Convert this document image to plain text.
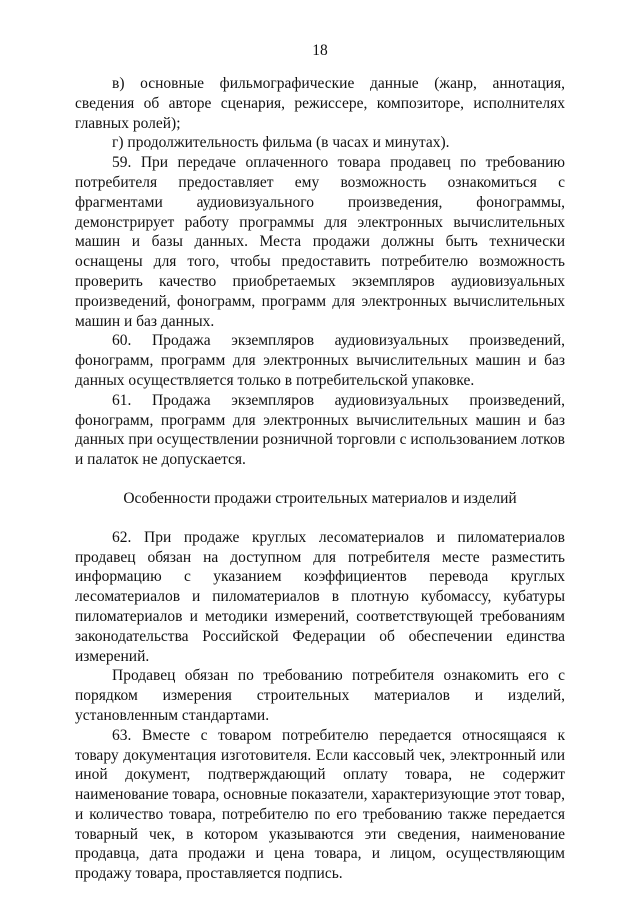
18

в) основные фильмографические данные (жанр, аннотация, сведения об авторе сценария, режиссере, композиторе, исполнителях главных ролей);

г) продолжительность фильма (в часах и минутах).

59. При передаче оплаченного товара продавец по требованию потребителя предоставляет ему возможность ознакомиться с фрагментами аудиовизуального произведения, фонограммы, демонстрирует работу программы для электронных вычислительных машин и базы данных. Места продажи должны быть технически оснащены для того, чтобы предоставить потребителю возможность проверить качество приобретаемых экземпляров аудиовизуальных произведений, фонограмм, программ для электронных вычислительных машин и баз данных.

60. Продажа экземпляров аудиовизуальных произведений, фонограмм, программ для электронных вычислительных машин и баз данных осуществляется только в потребительской упаковке.

61. Продажа экземпляров аудиовизуальных произведений, фонограмм, программ для электронных вычислительных машин и баз данных при осуществлении розничной торговли с использованием лотков и палаток не допускается.

Особенности продажи строительных материалов и изделий

62. При продаже круглых лесоматериалов и пиломатериалов продавец обязан на доступном для потребителя месте разместить информацию с указанием коэффициентов перевода круглых лесоматериалов и пиломатериалов в плотную кубомассу, кубатуры пиломатериалов и методики измерений, соответствующей требованиям законодательства Российской Федерации об обеспечении единства измерений.

Продавец обязан по требованию потребителя ознакомить его с порядком измерения строительных материалов и изделий, установленным стандартами.

63. Вместе с товаром потребителю передается относящаяся к товару документация изготовителя. Если кассовый чек, электронный или иной документ, подтверждающий оплату товара, не содержит наименование товара, основные показатели, характеризующие этот товар, и количество товара, потребителю по его требованию также передается товарный чек, в котором указываются эти сведения, наименование продавца, дата продажи и цена товара, и лицом, осуществляющим продажу товара, проставляется подпись.
